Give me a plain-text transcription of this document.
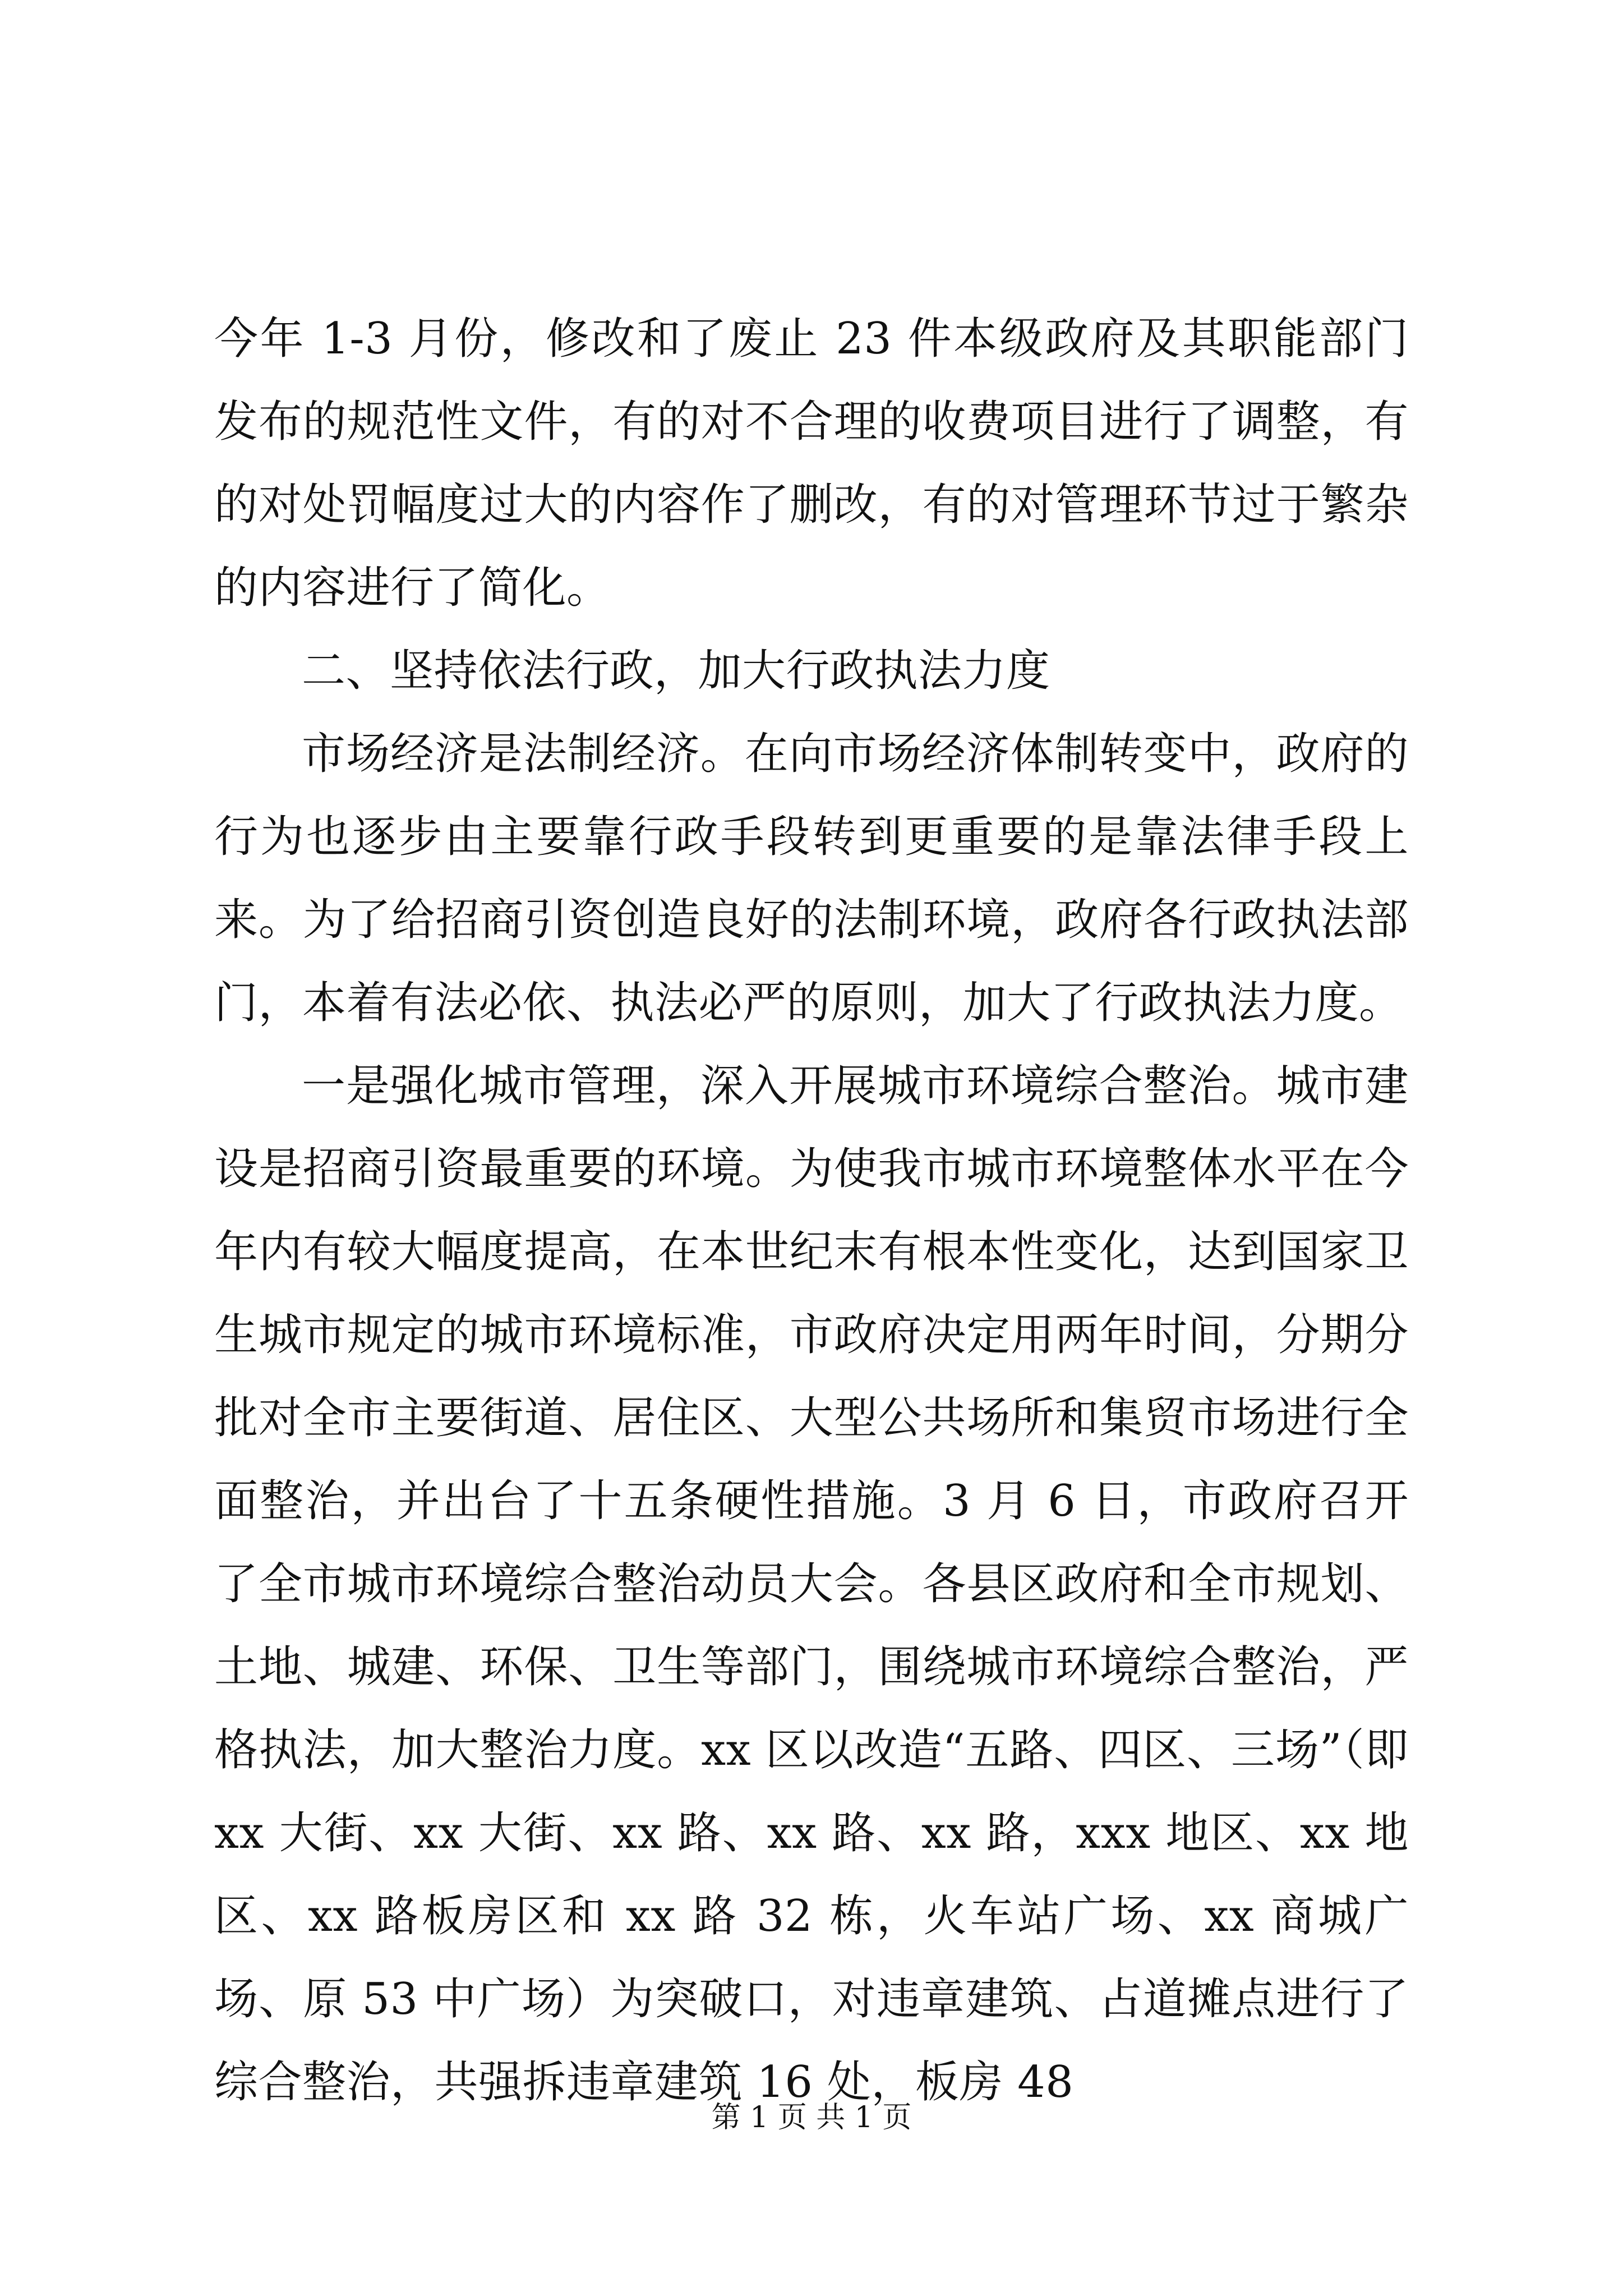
今年 1-3 月份，修改和了废止 23 件本级政府及其职能部门发布的规范性文件，有的对不合理的收费项目进行了调整，有的对处罚幅度过大的内容作了删改，有的对管理环节过于繁杂的内容进行了简化。

二、坚持依法行政，加大行政执法力度

市场经济是法制经济。在向市场经济体制转变中，政府的行为也逐步由主要靠行政手段转到更重要的是靠法律手段上来。为了给招商引资创造良好的法制环境，政府各行政执法部门，本着有法必依、执法必严的原则，加大了行政执法力度。

一是强化城市管理，深入开展城市环境综合整治。城市建设是招商引资最重要的环境。为使我市城市环境整体水平在今年内有较大幅度提高，在本世纪末有根本性变化，达到国家卫生城市规定的城市环境标准，市政府决定用两年时间，分期分批对全市主要街道、居住区、大型公共场所和集贸市场进行全面整治，并出台了十五条硬性措施。3 月 6 日，市政府召开了全市城市环境综合整治动员大会。各县区政府和全市规划、土地、城建、环保、卫生等部门，围绕城市环境综合整治，严格执法，加大整治力度。xx 区以改造“五路、四区、三场”（即 xx 大街、xx 大街、xx 路、xx 路、xx 路，xxx 地区、xx 地区、xx 路板房区和 xx 路 32 栋，火车站广场、xx 商城广场、原 53 中广场）为突破口，对违章建筑、占道摊点进行了综合整治，共强拆违章建筑 16 处，板房 48

第 1 页 共 1 页
